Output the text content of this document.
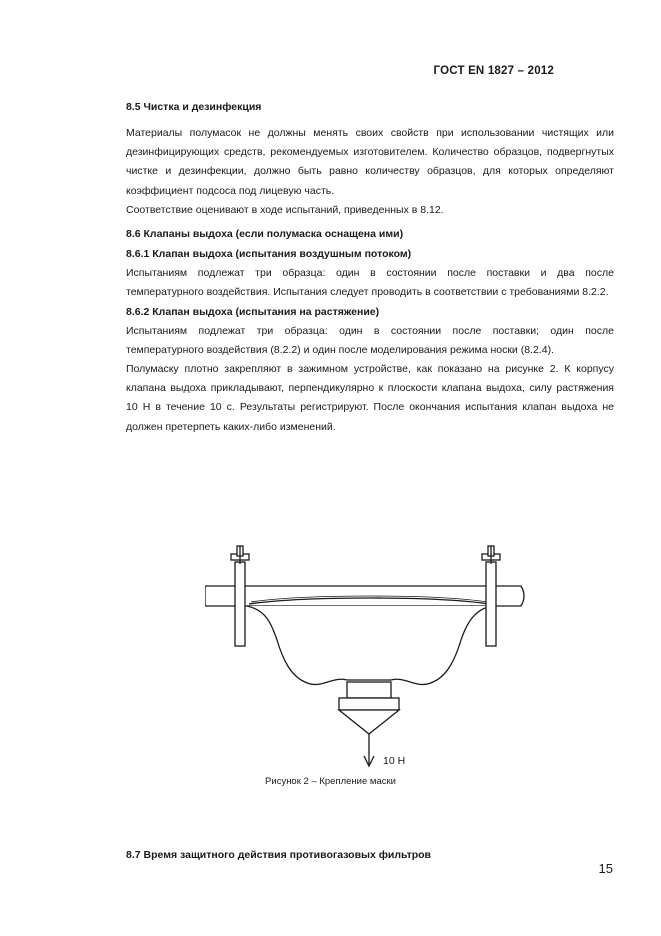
ГОСТ EN 1827 – 2012
8.5 Чистка и дезинфекция

Материалы полумасок не должны менять своих свойств при использовании чистящих или
дезинфицирующих средств, рекомендуемых изготовителем. Количество образцов, подвергнутых
чистке и дезинфекции, должно быть равно количеству образцов, для которых определяют
коэффициент подсоса под лицевую часть.

Соответствие оценивают в ходе испытаний, приведенных в 8.12.
8.6 Клапаны выдоха (если полумаска оснащена ими)
8.6.1 Клапан выдоха (испытания воздушным потоком)

Испытаниям подлежат три образца: один в состоянии после поставки и два после
температурного воздействия. Испытания следует проводить в соответствии с требованиями 8.2.2.

8.6.2 Клапан выдоха (испытания на растяжение)

Испытаниям подлежат три образца: один в состоянии после поставки; один после
температурного воздействия (8.2.2) и один после моделирования режима носки (8.2.4).

Полумаску плотно закрепляют в зажимном устройстве, как показано на рисунке 2. К корпусу
клапана выдоха прикладывают, перпендикулярно к плоскости клапана выдоха, силу растяжения
10 Н в течение 10 с. Результаты регистрируют. После окончания испытания клапан выдоха не
должен претерпеть каких-либо изменений.

10 Н
Рисунок 2 – Крепление маски
8.7 Время защитного действия противогазовых фильтров
15
